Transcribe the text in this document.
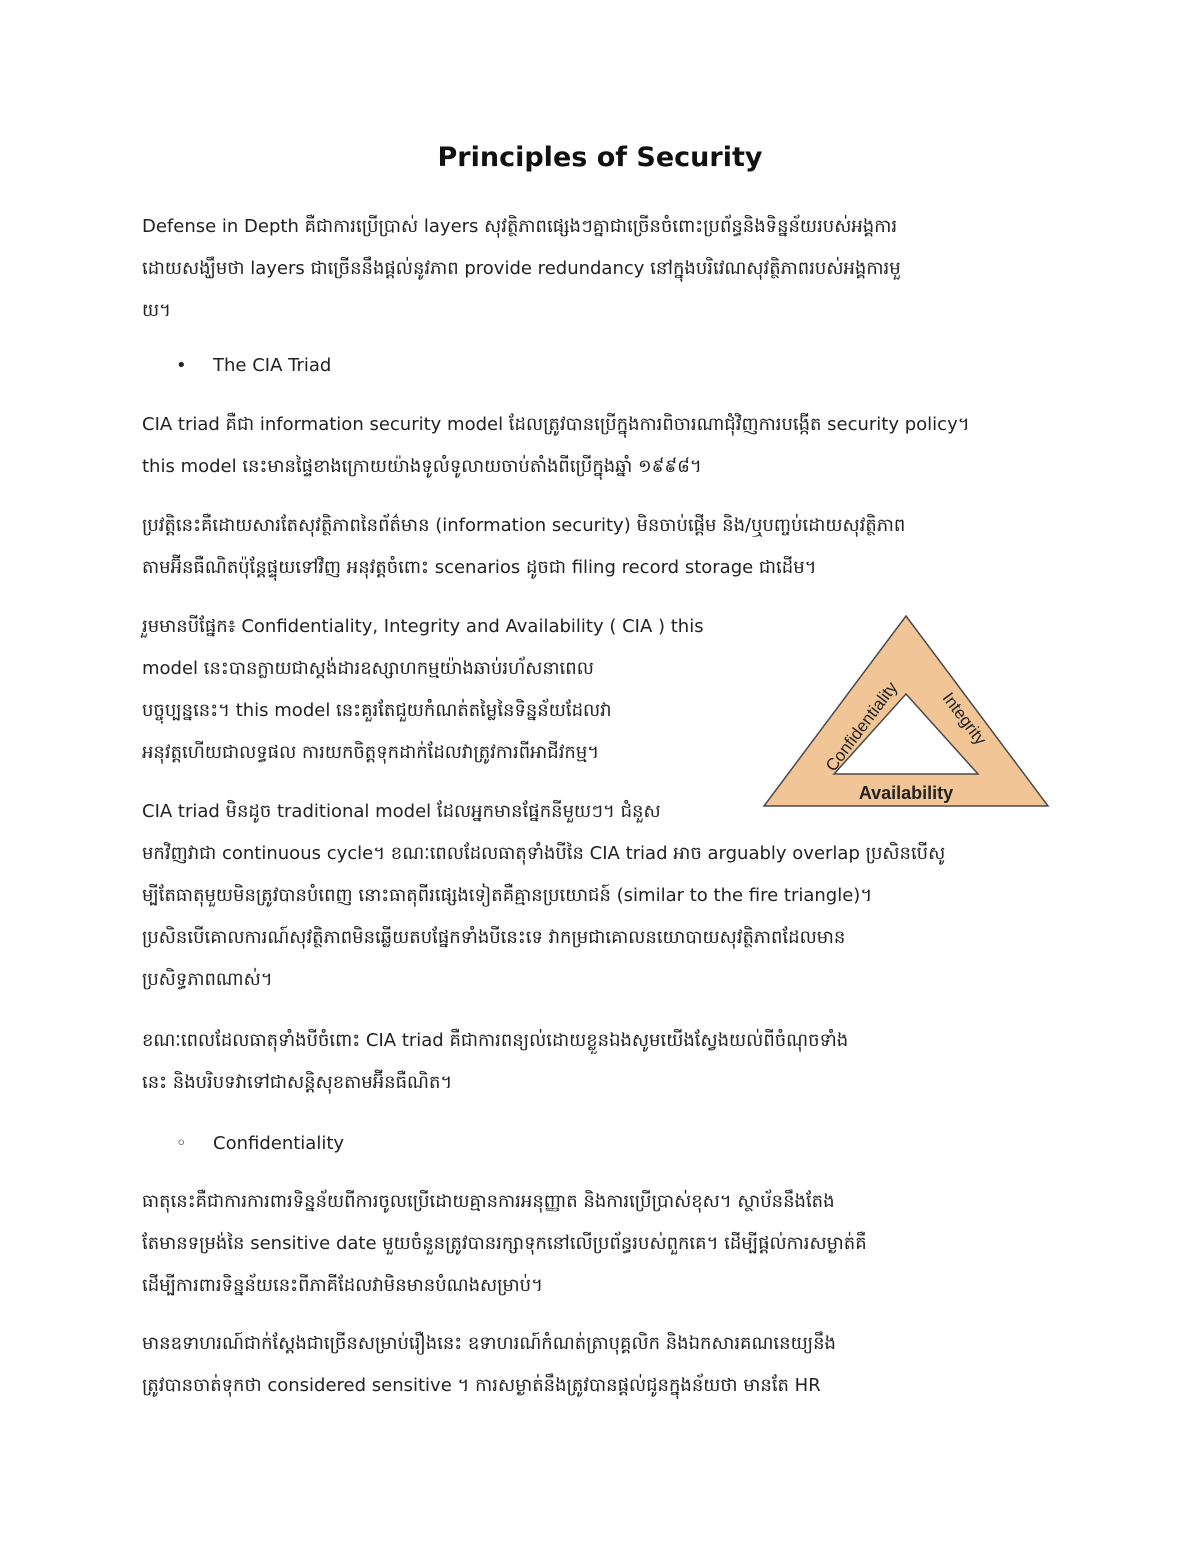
Principles of Security
Defense in Depth គឺជាការប្រើប្រាស់ layers សុវត្ថិភាពផ្សេងៗគ្នាជាច្រើនចំពោះប្រព័ន្ធនិងទិន្នន័យរបស់អង្គការ
ដោយសង្ឃឹមថា layers ជាច្រើននឹងផ្តល់នូវភាព provide redundancy នៅក្នុងបរិវេណសុវត្ថិភាពរបស់អង្គការមួ
យ។
• The CIA Triad
CIA triad គឺជា information security model ដែលត្រូវបានប្រើក្នុងការពិចារណាជុំវិញការបង្កើត security policy។
this model នេះមានផ្ទៃខាងក្រោយយ៉ាងទូលំទូលាយចាប់តាំងពីប្រើក្នុងឆ្នាំ ១៩៩៨។
ប្រវត្តិនេះគឺដោយសារតែសុវត្ថិភាពនៃព័ត៌មាន (information security) មិនចាប់ផ្តើម និង/ឬបញ្ចប់ដោយសុវត្ថិភាព
តាមអ៊ីនធឺណិតប៉ុន្តែផ្ទុយទៅវិញ អនុវត្តចំពោះ scenarios ដូចជា filing record storage ជាដើម។
រួមមានបីផ្នែក៖ Confidentiality, Integrity and Availability ( CIA ) this
model នេះបានក្លាយជាស្តង់ដារឧស្សាហកម្មយ៉ាងឆាប់រហ័សនាពេល
បច្ចុប្បន្ននេះ។ this model នេះគួរតែជួយកំណត់តម្លៃនៃទិន្នន័យដែលវា
អនុវត្តហើយជាលទ្ធផល ការយកចិត្តទុកដាក់ដែលវាត្រូវការពីអាជីវកម្ម។	Confidentiality Integrity
Availability
CIA triad មិនដូច traditional model ដែលអ្នកមានផ្នែកនីមួយៗ។ ជំនួស
មកវិញវាជា continuous cycle។ ខណៈពេលដែលធាតុទាំងបីនៃ CIA triad អាច arguably overlap ប្រសិនបើសូ
ម្បីតែធាតុមួយមិនត្រូវបានបំពេញ នោះធាតុពីរផ្សេងទៀតគឺគ្មានប្រយោជន៍ (similar to the fire triangle)។
ប្រសិនបើគោលការណ៍សុវត្ថិភាពមិនឆ្លើយតបផ្នែកទាំងបីនេះទេ វាកម្រជាគោលនយោបាយសុវត្ថិភាពដែលមាន
ប្រសិទ្ធភាពណាស់។
ខណៈពេលដែលធាតុទាំងបីចំពោះ CIA triad គឺជាការពន្យល់ដោយខ្លួនឯងសូមយើងស្វែងយល់ពីចំណុចទាំង
នេះ និងបរិបទវាទៅជាសន្តិសុខតាមអ៊ីនធឺណិត។
◦ Confidentiality
ធាតុនេះគឺជាការការពារទិន្នន័យពីការចូលប្រើដោយគ្មានការអនុញ្ញាត និងការប្រើប្រាស់ខុស។ ស្ថាប័ននឹងតែង
តែមានទម្រង់នៃ sensitive date មួយចំនួនត្រូវបានរក្សាទុកនៅលើប្រព័ន្ធរបស់ពួកគេ។ ដើម្បីផ្តល់ការសម្ងាត់គឺ
ដើម្បីការពារទិន្នន័យនេះពីភាគីដែលវាមិនមានបំណងសម្រាប់។
មានឧទាហរណ៍ជាក់ស្តែងជាច្រើនសម្រាប់រឿងនេះ ឧទាហរណ៍កំណត់ត្រាបុគ្គលិក និងឯកសារគណនេយ្យនឹង
ត្រូវបានចាត់ទុកថា considered sensitive ។ ការសម្ងាត់នឹងត្រូវបានផ្តល់ជូនក្នុងន័យថា មានតែ HR
